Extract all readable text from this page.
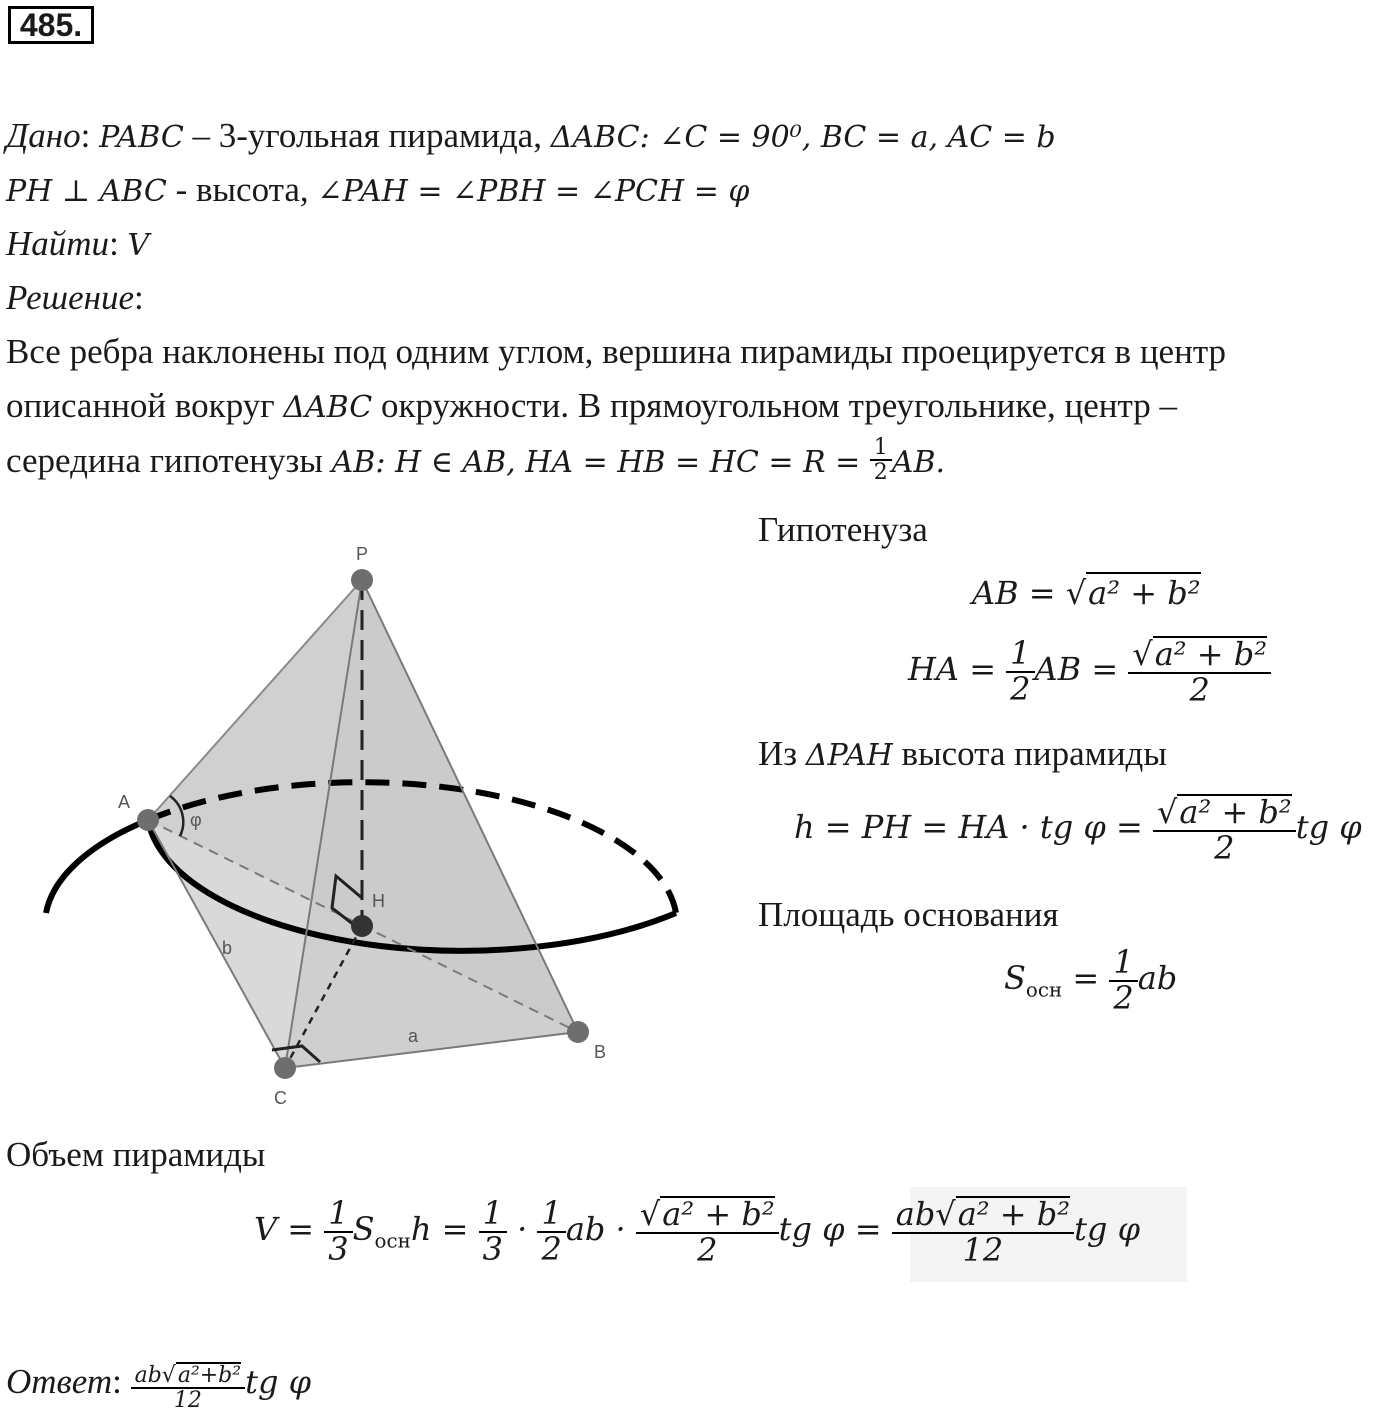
485.
Дано: PABC – 3-угольная пирамида, ΔABC: ∠C = 90⁰, BC = a, AC = b
PH ⊥ ABC - высота, ∠PAH = ∠PBH = ∠PCH = φ
Найти: V
Решение:
Все ребра наклонены под одним углом, вершина пирамиды проецируется в центр
описанной вокруг ΔABC окружности. В прямоугольном треугольнике, центр –
середина гипотенузы AB: H ∈ AB, HA = HB = HC = $R = \frac{1}{2}$ AB.
P
A
H
B
C
a
b
φ
Гипотенуза
AB = √a² + b²
HA = $\frac{1}{2}$ AB = $\frac{\text{√a² + b²}}{2}$
Из ΔPAH высота пирамиды
h = PH = HA · tg $\varphi = \frac{\text{√a² + b²}}{2}$ tg φ
Площадь основания
$S_{осн} = \frac{1}{2}$ ab
Объем пирамиды
$V = \frac{1}{3} S_{осн}h = \frac{1}{3} \cdot \frac{1}{2}$ ab · $\frac{\text{√a² + b²}}{2}$ tg $\varphi = \frac{\text{ab√a² + b²}}{12}$ tg φ
Ответ: $\frac{\text{ab√a²+b²}}{12}$ tg φ
